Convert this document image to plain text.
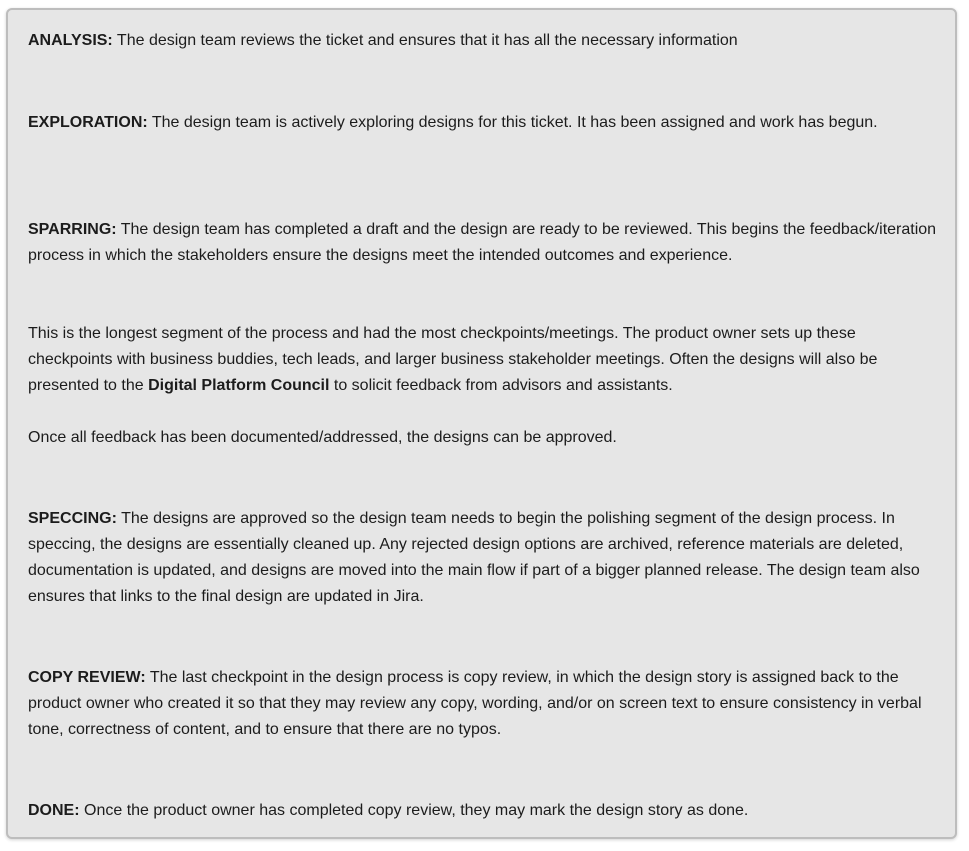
ANALYSIS: The design team reviews the ticket and ensures that it has all the necessary information

EXPLORATION: The design team is actively exploring designs for this ticket. It has been assigned and work has begun.

SPARRING: The design team has completed a draft and the design are ready to be reviewed. This begins the feedback/iteration process in which the stakeholders ensure the designs meet the intended outcomes and experience.

This is the longest segment of the process and had the most checkpoints/meetings. The product owner sets up these checkpoints with business buddies, tech leads, and larger business stakeholder meetings. Often the designs will also be presented to the Digital Platform Council to solicit feedback from advisors and assistants.

Once all feedback has been documented/addressed, the designs can be approved.

SPECCING: The designs are approved so the design team needs to begin the polishing segment of the design process. In speccing, the designs are essentially cleaned up. Any rejected design options are archived, reference materials are deleted, documentation is updated, and designs are moved into the main flow if part of a bigger planned release. The design team also ensures that links to the final design are updated in Jira.

COPY REVIEW: The last checkpoint in the design process is copy review, in which the design story is assigned back to the product owner who created it so that they may review any copy, wording, and/or on screen text to ensure consistency in verbal tone, correctness of content, and to ensure that there are no typos.

DONE: Once the product owner has completed copy review, they may mark the design story as done.
